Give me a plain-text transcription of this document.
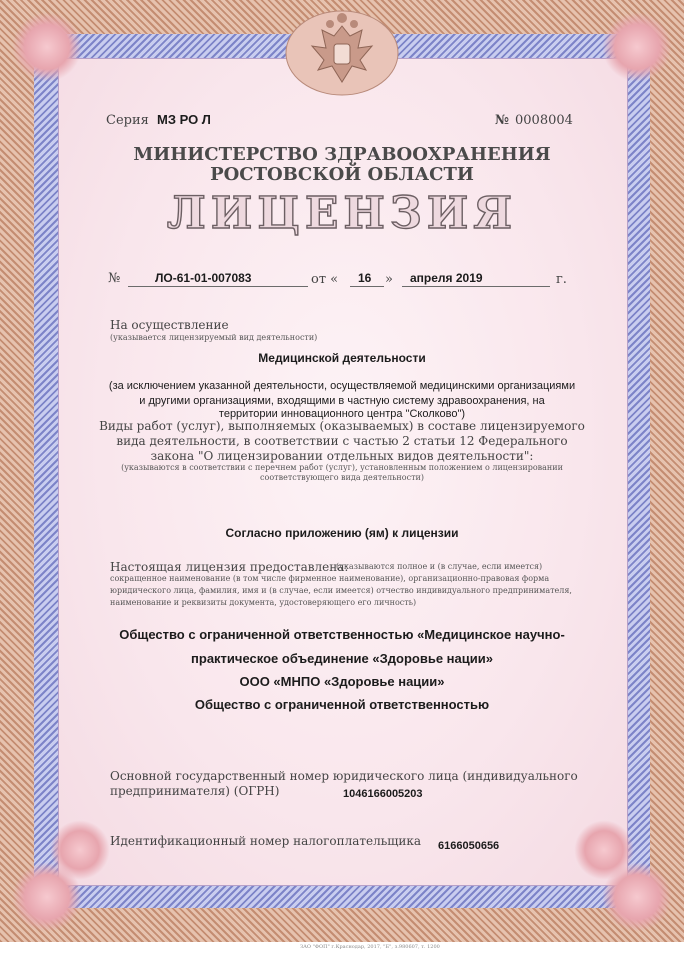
Серия МЗ РО Л	№ 0008004
МИНИСТЕРСТВО ЗДРАВООХРАНЕНИЯ
РОСТОВСКОЙ ОБЛАСТИ
ЛИЦЕНЗИЯ
№	ЛО-61-01-007083	от « 16 » апреля 2019	г.
На осуществление
(указывается лицензируемый вид деятельности)
Медицинской деятельности
(за исключением указанной деятельности, осуществляемой медицинскими организациями
и другими организациями, входящими в частную систему здравоохранения, на
территории инновационного центра "Сколково")
Виды работ (услуг), выполняемых (оказываемых) в составе лицензируемого
вида деятельности, в соответствии с частью 2 статьи 12 Федерального
закона "О лицензировании отдельных видов деятельности":
(указываются в соответствии с перечнем работ (услуг), установленным положением о лицензировании
соответствующего вида деятельности)
Согласно приложению (ям) к лицензии
Настоящая лицензия предоставлена:
(указываются полное и (в случае, если имеется)
сокращенное наименование (в том числе фирменное наименование), организационно-правовая форма
юридического лица, фамилия, имя и (в случае, если имеется) отчество индивидуального предпринимателя,
наименование и реквизиты документа, удостоверяющего его личность)
Общество с ограниченной ответственностью «Медицинское научно-
практическое объединение «Здоровье нации»
ООО «МНПО «Здоровье нации»
Общество с ограниченной ответственностью
Основной государственный номер юридического лица (индивидуального
предпринимателя) (ОГРН)	1046166005203
Идентификационный номер налогоплательщика 6166050656
ЗАО "ФОП" г.Краснодар, 2017, "Б", з.980607, т. 1200
